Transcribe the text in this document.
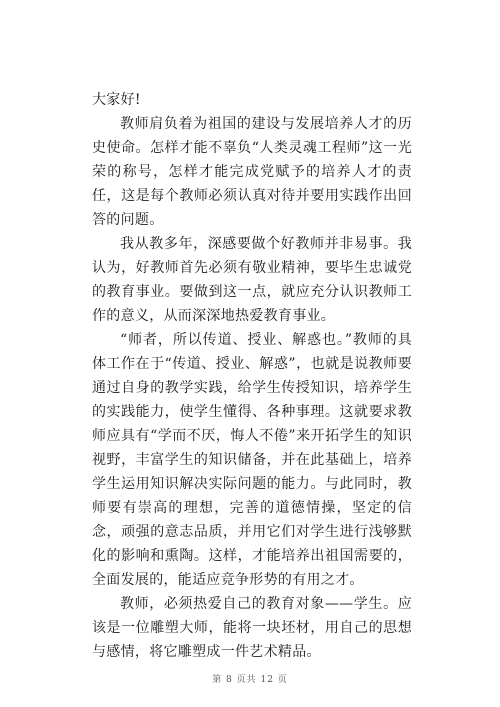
大家好!

教师肩负着为祖国的建设与发展培养人才的历史使命。怎样才能不辜负“人类灵魂工程师”这一光荣的称号，怎样才能完成党赋予的培养人才的责任，这是每个教师必须认真对待并要用实践作出回答的问题。

我从教多年，深感要做个好教师并非易事。我认为，好教师首先必须有敬业精神，要毕生忠诚党的教育事业。要做到这一点，就应充分认识教师工作的意义，从而深深地热爱教育事业。

“师者，所以传道、授业、解惑也。”教师的具体工作在于“传道、授业、解惑”，也就是说教师要通过自身的教学实践，给学生传授知识，培养学生的实践能力，使学生懂得、各种事理。这就要求教师应具有“学而不厌，悔人不倦”来开拓学生的知识视野，丰富学生的知识储备，并在此基础上，培养学生运用知识解决实际问题的能力。与此同时，教师要有崇高的理想，完善的道德情操，坚定的信念，顽强的意志品质，并用它们对学生进行浅够默化的影响和熏陶。这样，才能培养出祖国需要的，全面发展的，能适应竞争形势的有用之才。

教师，必须热爱自己的教育对象——学生。应该是一位雕塑大师，能将一块坯材，用自己的思想与感情，将它雕塑成一件艺术精品。

第 8 页共 12 页
